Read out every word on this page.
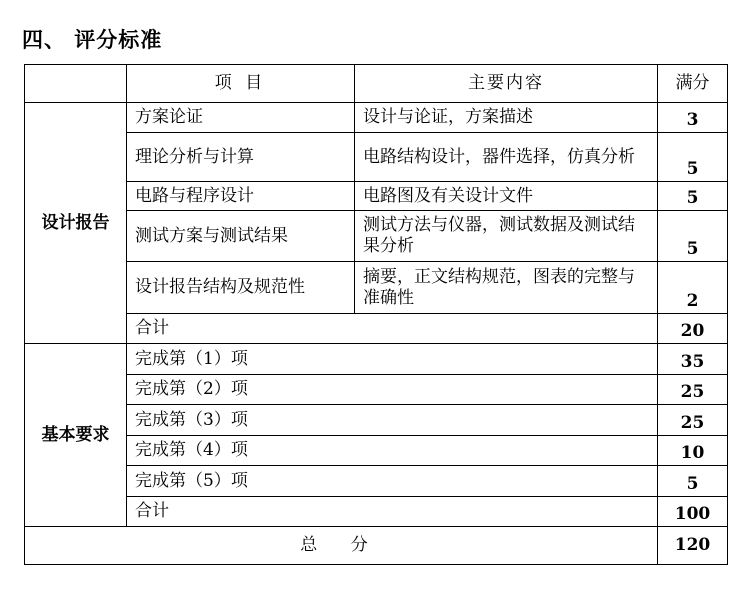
四、 评分标准
	项 目	主要内容	满分
设计报告	方案论证	设计与论证，方案描述	3
	理论分析与计算	电路结构设计，器件选择，仿真分析	5
	电路与程序设计	电路图及有关设计文件	5
	测试方案与测试结果	测试方法与仪器，测试数据及测试结果分析	5
	设计报告结构及规范性	摘要，正文结构规范，图表的完整与准确性	2
	合计		20
基本要求	完成第（1）项		35
	完成第（2）项		25
	完成第（3）项		25
	完成第（4）项		10
	完成第（5）项		5
	合计		100
总 分			120
